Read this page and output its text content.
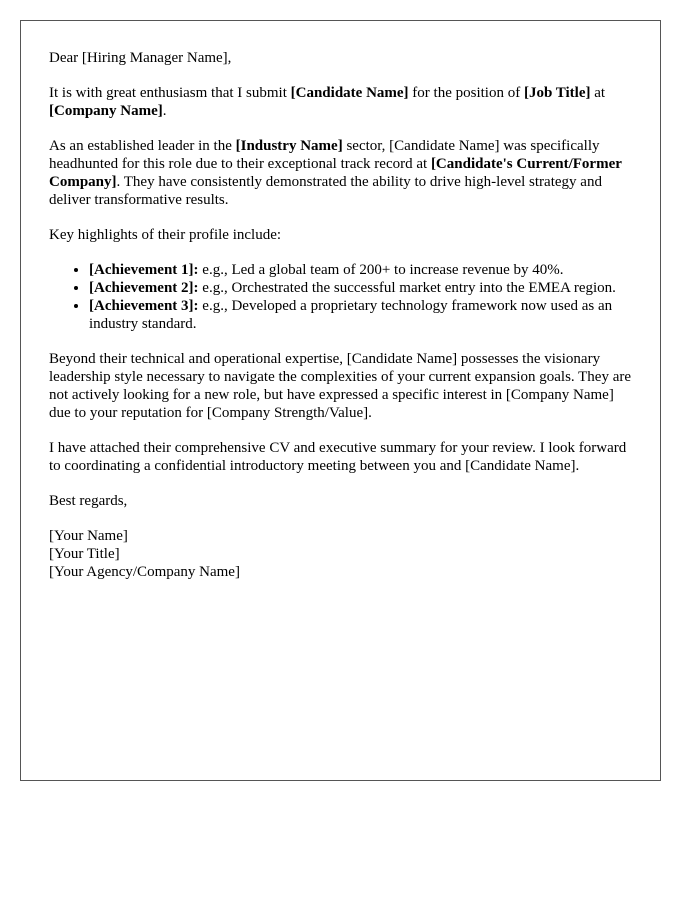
Dear [Hiring Manager Name],

It is with great enthusiasm that I submit [Candidate Name] for the position of [Job Title] at [Company Name].

As an established leader in the [Industry Name] sector, [Candidate Name] was specifically headhunted for this role due to their exceptional track record at [Candidate's Current/Former Company]. They have consistently demonstrated the ability to drive high-level strategy and deliver transformative results.

Key highlights of their profile include:

• [Achievement 1]: e.g., Led a global team of 200+ to increase revenue by 40%.
• [Achievement 2]: e.g., Orchestrated the successful market entry into the EMEA region.
• [Achievement 3]: e.g., Developed a proprietary technology framework now used as an industry standard.

Beyond their technical and operational expertise, [Candidate Name] possesses the visionary leadership style necessary to navigate the complexities of your current expansion goals. They are not actively looking for a new role, but have expressed a specific interest in [Company Name] due to your reputation for [Company Strength/Value].

I have attached their comprehensive CV and executive summary for your review. I look forward to coordinating a confidential introductory meeting between you and [Candidate Name].

Best regards,

[Your Name]

[Your Title]

[Your Agency/Company Name]
